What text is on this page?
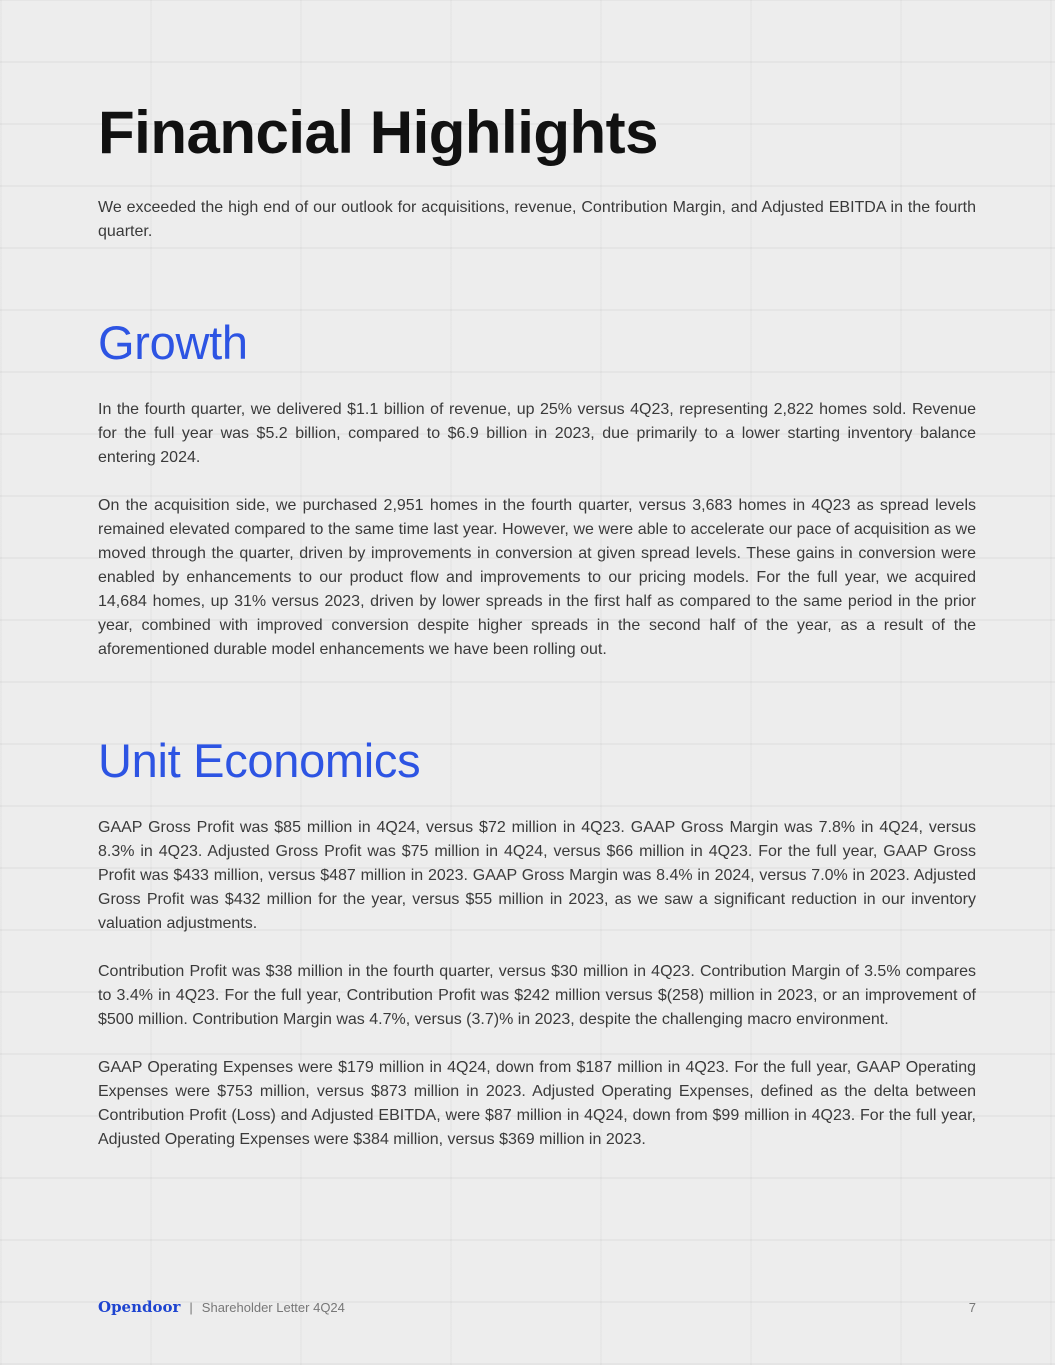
Financial Highlights

We exceeded the high end of our outlook for acquisitions, revenue, Contribution Margin, and Adjusted EBITDA in the fourth quarter.

Growth

In the fourth quarter, we delivered $1.1 billion of revenue, up 25% versus 4Q23, representing 2,822 homes sold. Revenue for the full year was $5.2 billion, compared to $6.9 billion in 2023, due primarily to a lower starting inventory balance entering 2024.

On the acquisition side, we purchased 2,951 homes in the fourth quarter, versus 3,683 homes in 4Q23 as spread levels remained elevated compared to the same time last year. However, we were able to accelerate our pace of acquisition as we moved through the quarter, driven by improvements in conversion at given spread levels. These gains in conversion were enabled by enhancements to our product flow and improvements to our pricing models. For the full year, we acquired 14,684 homes, up 31% versus 2023, driven by lower spreads in the first half as compared to the same period in the prior year, combined with improved conversion despite higher spreads in the second half of the year, as a result of the aforementioned durable model enhancements we have been rolling out.

Unit Economics

GAAP Gross Profit was $85 million in 4Q24, versus $72 million in 4Q23. GAAP Gross Margin was 7.8% in 4Q24, versus 8.3% in 4Q23. Adjusted Gross Profit was $75 million in 4Q24, versus $66 million in 4Q23. For the full year, GAAP Gross Profit was $433 million, versus $487 million in 2023. GAAP Gross Margin was 8.4% in 2024, versus 7.0% in 2023. Adjusted Gross Profit was $432 million for the year, versus $55 million in 2023, as we saw a significant reduction in our inventory valuation adjustments.

Contribution Profit was $38 million in the fourth quarter, versus $30 million in 4Q23. Contribution Margin of 3.5% compares to 3.4% in 4Q23. For the full year, Contribution Profit was $242 million versus $(258) million in 2023, or an improvement of $500 million. Contribution Margin was 4.7%, versus (3.7)% in 2023, despite the challenging macro environment.

GAAP Operating Expenses were $179 million in 4Q24, down from $187 million in 4Q23. For the full year, GAAP Operating Expenses were $753 million, versus $873 million in 2023. Adjusted Operating Expenses, defined as the delta between Contribution Profit (Loss) and Adjusted EBITDA, were $87 million in 4Q24, down from $99 million in 4Q23. For the full year, Adjusted Operating Expenses were $384 million, versus $369 million in 2023.

Opendoor | Shareholder Letter 4Q24	7
